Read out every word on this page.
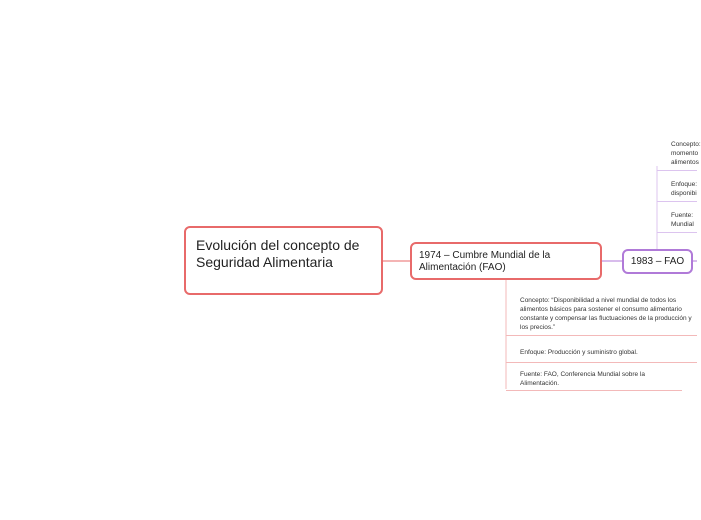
Evolución del concepto de Seguridad Alimentaria	1974 – Cumbre Mundial de la Alimentación (FAO)
1983 – FAO
Concepto: “Disponibilidad a nivel mundial de todos los alimentos básicos para sostener el consumo alimentario constante y compensar las fluctuaciones de la producción y los precios.”
Enfoque: Producción y suministro global.
Fuente: FAO, Conferencia Mundial sobre la Alimentación.
Concepto: momento alimentos
Enfoque: disponibi
Fuente: Mundial
